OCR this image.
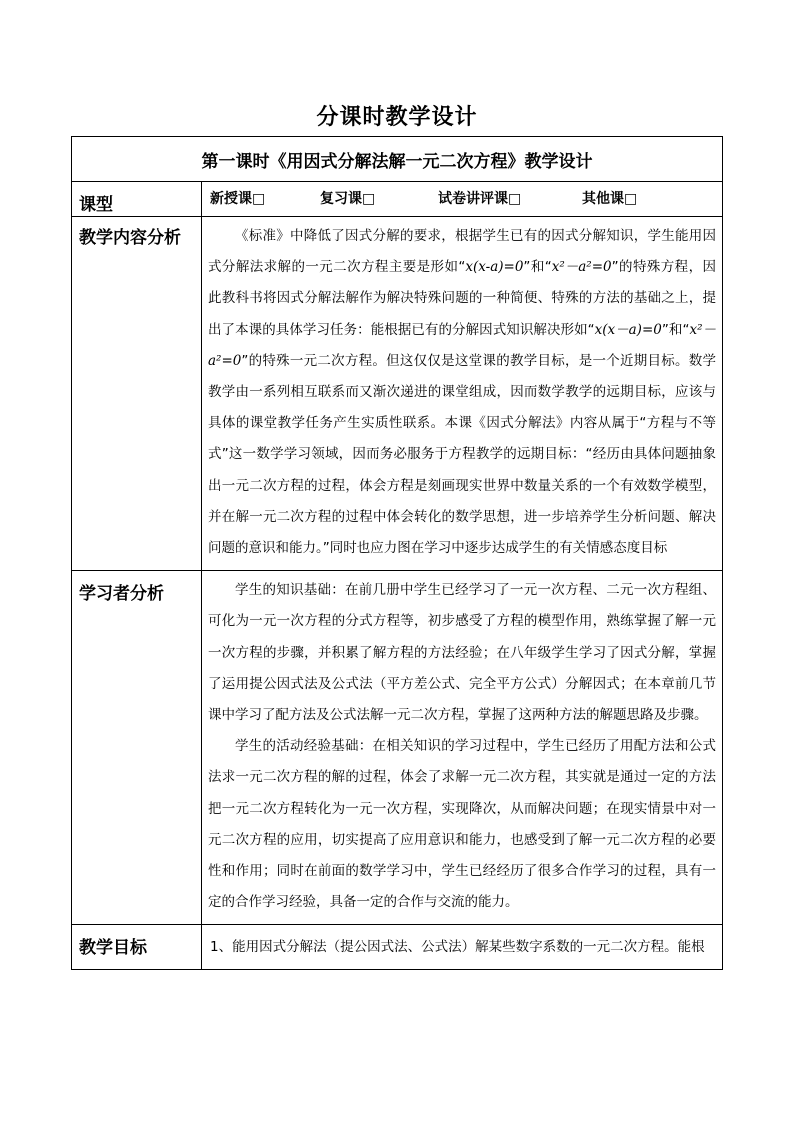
分课时教学设计
第一课时《用因式分解法解一元二次方程》教学设计	
课型	新授课□ 复习课□ 试卷讲评课□ 其他课□
教学内容分析	《标准》中降低了因式分解的要求，根据学生已有的因式分解知识，学生能用因式分解法求解的一元二次方程主要是形如“x(x-a)=0”和“x²－a²=0”的特殊方程，因此教科书将因式分解法解作为解决特殊问题的一种简便、特殊的方法的基础之上，提出了本课的具体学习任务：能根据已有的分解因式知识解决形如“x(x－a)=0”和“x²－a²=0”的特殊一元二次方程。但这仅仅是这堂课的教学目标，是一个近期目标。数学教学由一系列相互联系而又渐次递进的课堂组成，因而数学教学的远期目标，应该与具体的课堂教学任务产生实质性联系。本课《因式分解法》内容从属于“方程与不等式”这一数学学习领域，因而务必服务于方程教学的远期目标：“经历由具体问题抽象出一元二次方程的过程，体会方程是刻画现实世界中数量关系的一个有效数学模型，并在解一元二次方程的过程中体会转化的数学思想，进一步培养学生分析问题、解决问题的意识和能力。”同时也应力图在学习中逐步达成学生的有关情感态度目标

学习者分析	学生的知识基础：在前几册中学生已经学习了一元一次方程、二元一次方程组、可化为一元一次方程的分式方程等，初步感受了方程的模型作用，熟练掌握了解一元一次方程的步骤，并积累了解方程的方法经验；在八年级学生学习了因式分解，掌握了运用提公因式法及公式法（平方差公式、完全平方公式）分解因式；在本章前几节课中学习了配方法及公式法解一元二次方程，掌握了这两种方法的解题思路及步骤。

学生的活动经验基础：在相关知识的学习过程中，学生已经历了用配方法和公式法求一元二次方程的解的过程，体会了求解一元二次方程，其实就是通过一定的方法把一元二次方程转化为一元一次方程，实现降次，从而解决问题；在现实情景中对一元二次方程的应用，切实提高了应用意识和能力，也感受到了解一元二次方程的必要性和作用；同时在前面的数学学习中，学生已经经历了很多合作学习的过程，具有一定的合作学习经验，具备一定的合作与交流的能力。

教学目标	1、能用因式分解法（提公因式法、公式法）解某些数字系数的一元二次方程。能根
